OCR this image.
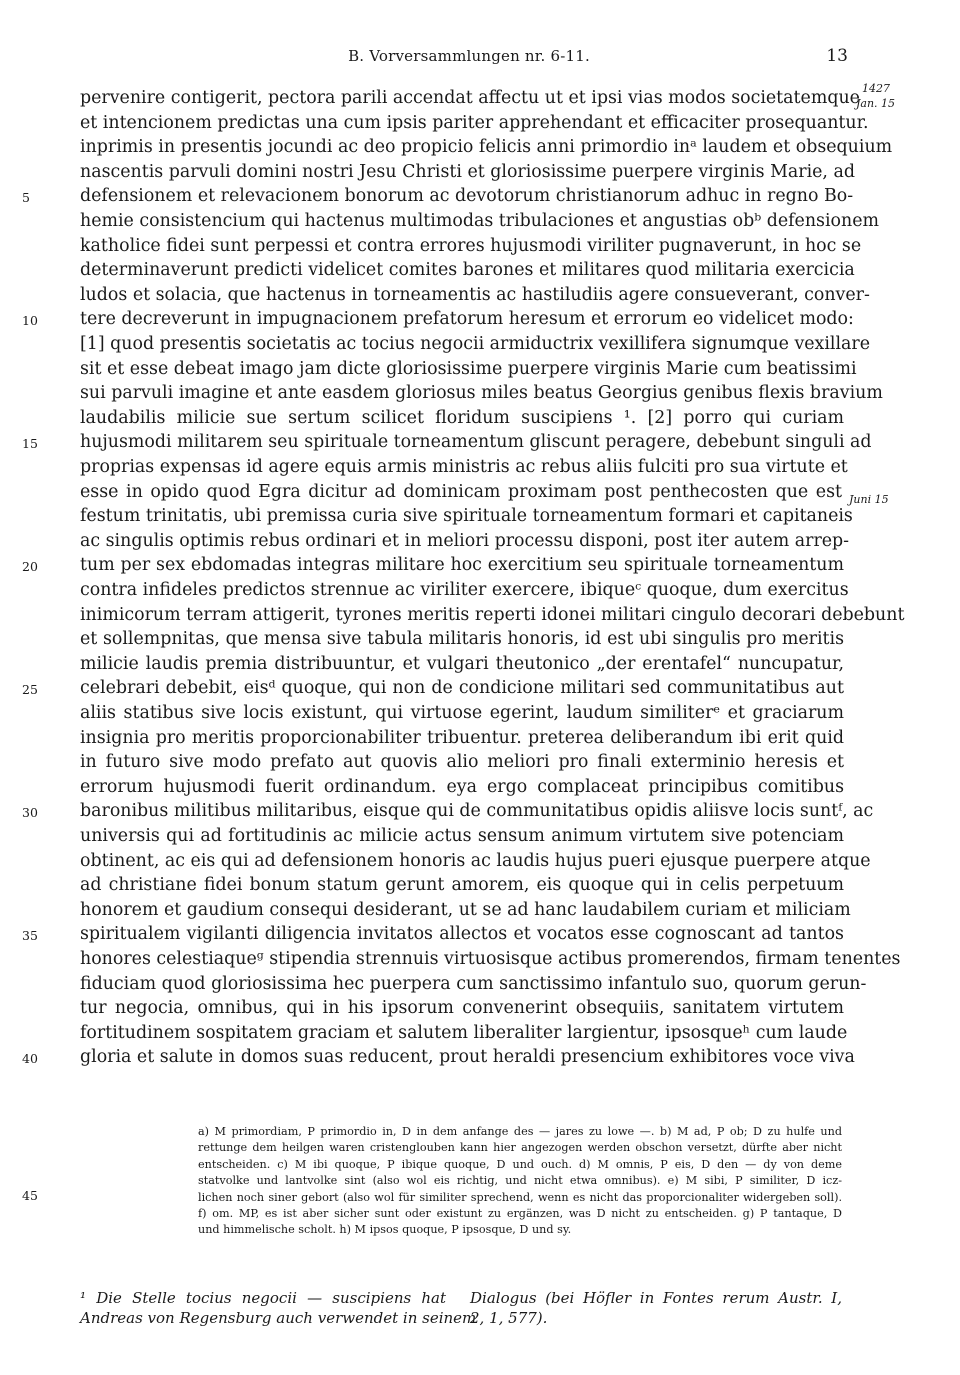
B. Vorversammlungen nr. 6-11.	13
1427
Jan. 15
Juni 15
pervenire contigerit, pectora parili accendat affectu ut et ipsi vias modos societatemque
et intencionem predictas una cum ipsis pariter apprehendant et efficaciter prosequantur.
inprimis in presentis jocundi ac deo propicio felicis anni primordio inᵃ laudem et obsequium
nascentis parvuli domini nostri Jesu Christi et gloriosissime puerpere virginis Marie, ad
defensionem et relevacionem bonorum ac devotorum christianorum adhuc in regno Bo-
hemie consistencium qui hactenus multimodas tribulaciones et angustias obᵇ defensionem
katholice fidei sunt perpessi et contra errores hujusmodi viriliter pugnaverunt, in hoc se
determinaverunt predicti videlicet comites barones et militares quod militaria exercicia
ludos et solacia, que hactenus in torneamentis ac hastiludiis agere consueverant, conver-
tere decreverunt in impugnacionem prefatorum heresum et errorum eo videlicet modo:
[1] quod presentis societatis ac tocius negocii armiductrix vexillifera signumque vexillare
sit et esse debeat imago jam dicte gloriosissime puerpere virginis Marie cum beatissimi
sui parvuli imagine et ante easdem gloriosus miles beatus Georgius genibus flexis bravium
laudabilis milicie sue sertum scilicet floridum suscipiens ¹. [2] porro qui curiam
hujusmodi militarem seu spirituale torneamentum gliscunt peragere, debebunt singuli ad
proprias expensas id agere equis armis ministris ac rebus aliis fulciti pro sua virtute et
esse in opido quod Egra dicitur ad dominicam proximam post penthecosten que est
festum trinitatis, ubi premissa curia sive spirituale torneamentum formari et capitaneis
ac singulis optimis rebus ordinari et in meliori processu disponi, post iter autem arrep-
tum per sex ebdomadas integras militare hoc exercitium seu spirituale torneamentum
contra infideles predictos strennue ac viriliter exercere, ibiqueᶜ quoque, dum exercitus
inimicorum terram attigerit, tyrones meritis reperti idonei militari cingulo decorari debebunt
et sollempnitas, que mensa sive tabula militaris honoris, id est ubi singulis pro meritis
milicie laudis premia distribuuntur, et vulgari theutonico „der erentafel“ nuncupatur,
celebrari debebit, eisᵈ quoque, qui non de condicione militari sed communitatibus aut
aliis statibus sive locis existunt, qui virtuose egerint, laudum similiterᵉ et graciarum
insignia pro meritis proporcionabiliter tribuentur. preterea deliberandum ibi erit quid
in futuro sive modo prefato aut quovis alio meliori pro finali exterminio heresis et
errorum hujusmodi fuerit ordinandum. eya ergo complaceat principibus comitibus
baronibus militibus militaribus, eisque qui de communitatibus opidis aliisve locis suntᶠ, ac
universis qui ad fortitudinis ac milicie actus sensum animum virtutem sive potenciam
obtinent, ac eis qui ad defensionem honoris ac laudis hujus pueri ejusque puerpere atque
ad christiane fidei bonum statum gerunt amorem, eis quoque qui in celis perpetuum
honorem et gaudium consequi desiderant, ut se ad hanc laudabilem curiam et miliciam
spiritualem vigilanti diligencia invitatos allectos et vocatos esse cognoscant ad tantos
honores celestiaqueᵍ stipendia strennuis virtuosisque actibus promerendos, firmam tenentes
fiduciam quod gloriosissima hec puerpera cum sanctissimo infantulo suo, quorum gerun-
tur negocia, omnibus, qui in his ipsorum convenerint obsequiis, sanitatem virtutem
fortitudinem sospitatem graciam et salutem liberaliter largientur, ipsosqueʰ cum laude
gloria et salute in domos suas reducent, prout heraldi presencium exhibitores voce viva
5
10
15
20
25
30
35
40
45
a) M primordiam, P primordio in, D in dem anfange des — jares zu lowe —. b) M ad, P ob; D zu hulfe und
rettunge dem heilgen waren cristenglouben kann hier angezogen werden obschon versetzt, dürfte aber nicht
entscheiden. c) M ibi quoque, P ibique quoque, D und ouch. d) M omnis, P eis, D den — dy von deme
statvolke und lantvolke sint (also wol eis richtig, und nicht etwa omnibus). e) M sibi, P similiter, D icz-
lichen noch siner gebort (also wol für similiter sprechend, wenn es nicht das proporcionaliter widergeben soll).
f) om. MP, es ist aber sicher sunt oder existunt zu ergänzen, was D nicht zu entscheiden. g) P tantaque, D
und himmelische scholt. h) M ipsos quoque, P ipsosque, D und sy.
¹ Die Stelle tocius negocii — suscipiens hat
Andreas von Regensburg auch verwendet in seinem
Dialogus (bei Höfler in Fontes rerum Austr. I,
2, 1, 577).
